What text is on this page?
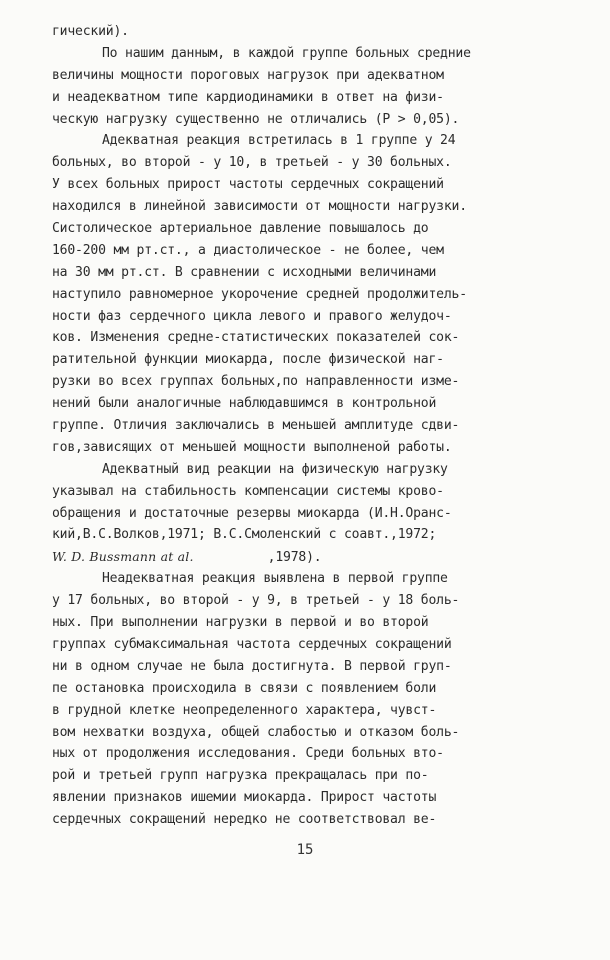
гический).
По нашим данным, в каждой группе больных средние
величины мощности пороговых нагрузок при адекватном
и неадекватном типе кардиодинамики в ответ на физи-
ческую нагрузку существенно не отличались (Р > 0,05).
Адекватная реакция встретилась в 1 группе у 24
больных, во второй - у 10, в третьей - у 30 больных.
У всех больных прирост частоты сердечных сокращений
находился в линейной зависимости от мощности нагрузки.
Систолическое артериальное давление повышалось до
160-200 мм рт.ст., а диастолическое - не более, чем
на 30 мм рт.ст. В сравнении с исходными величинами
наступило равномерное укорочение средней продолжитель-
ности фаз сердечного цикла левого и правого желудоч-
ков. Изменения средне-статистических показателей сок-
ратительной функции миокарда, после физической наг-
рузки во всех группах больных,по направленности изме-
нений были аналогичные наблюдавшимся в контрольной
группе. Отличия заключались в меньшей амплитуде сдви-
гов,зависящих от меньшей мощности выполненой работы.
Адекватный вид реакции на физическую нагрузку
указывал на стабильность компенсации системы крово-
обращения и достаточные резервы миокарда (И.Н.Оранс-
кий,В.С.Волков,1971; В.С.Смоленский с соавт.,1972;
W. D. Bussmann at al.	,1978).
Неадекватная реакция выявлена в первой группе
у 17 больных, во второй - у 9, в третьей - у 18 боль-
ных. При выполнении нагрузки в первой и во второй
группах субмаксимальная частота сердечных сокращений
ни в одном случае не была достигнута. В первой груп-
пе остановка происходила в связи с появлением боли
в грудной клетке неопределенного характера, чувст-
вом нехватки воздуха, общей слабостью и отказом боль-
ных от продолжения исследования. Среди больных вто-
рой и третьей групп нагрузка прекращалась при по-
явлении признаков ишемии миокарда. Прирост частоты
сердечных сокращений нередко не соответствовал ве-
15
